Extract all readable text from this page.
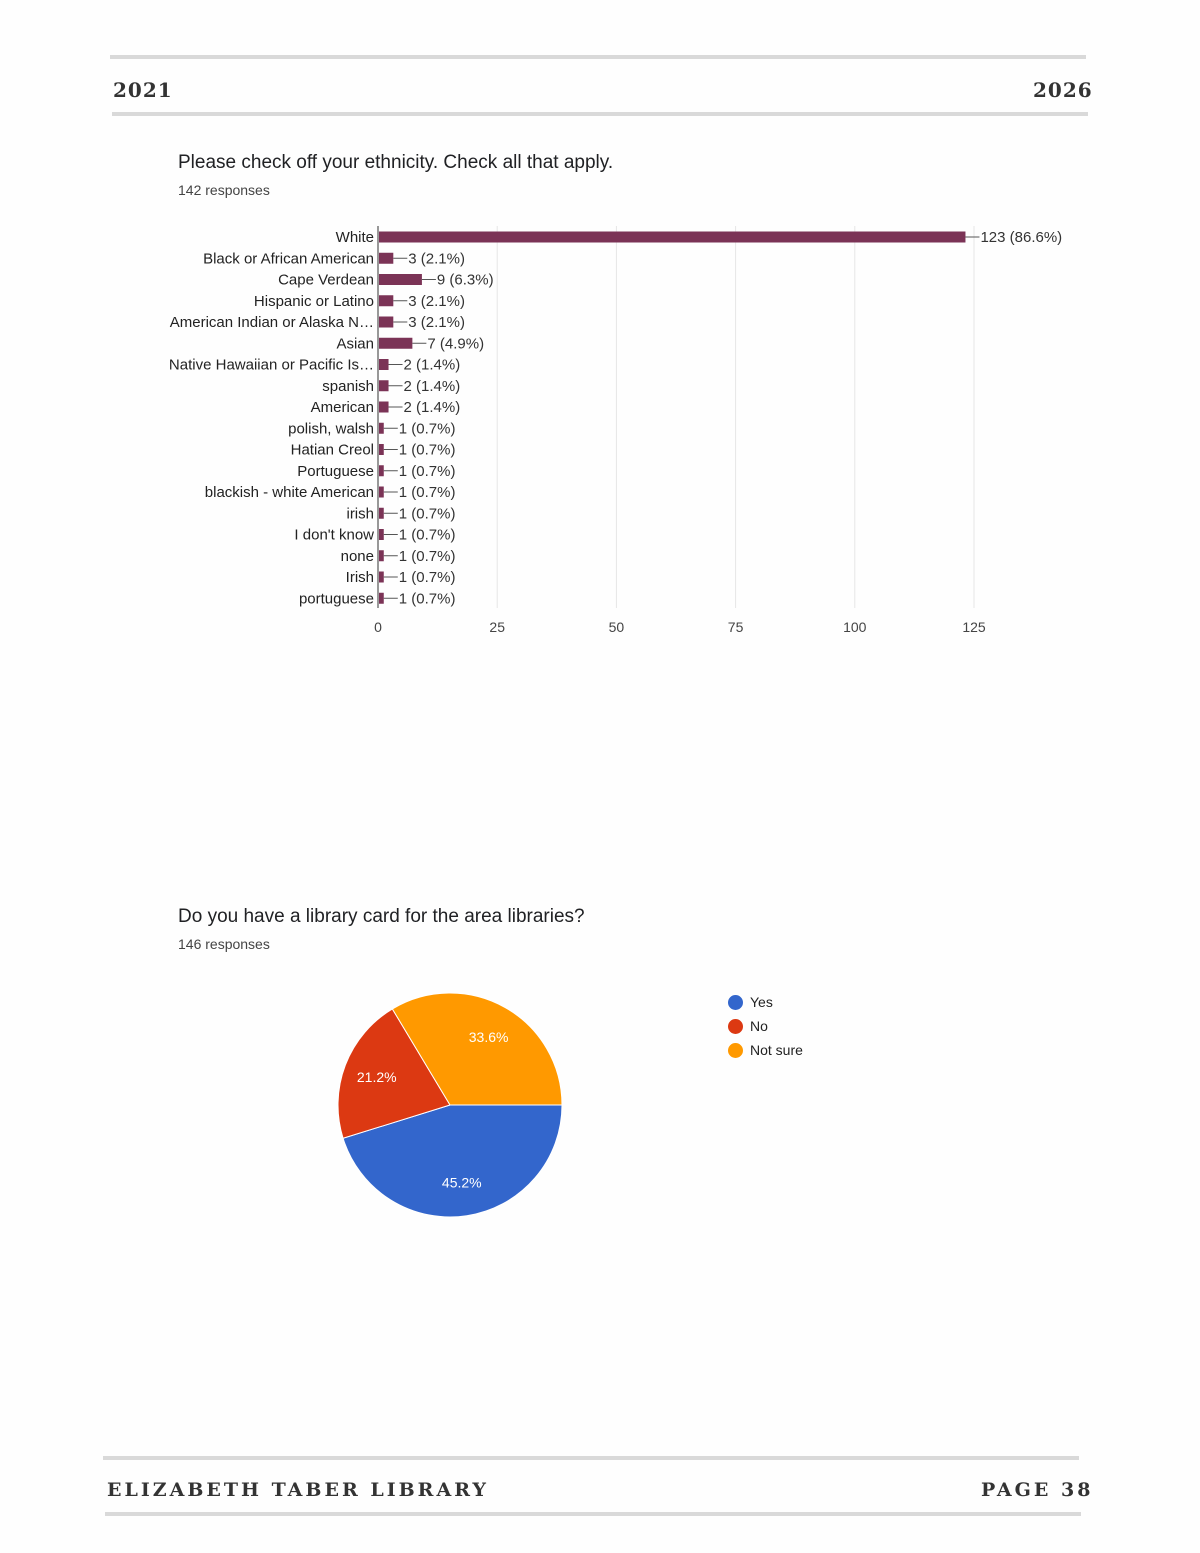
2021	2026
Please check off your ethnicity. Check all that apply.
142 responses
0	25	50	75	100	125
White	123 (86.6%)
Black or African American 3 (2.1%)
Cape Verdean	9 (6.3%)
Hispanic or Latino 3 (2.1%)
American Indian or Alaska N… 3 (2.1%)
Asian	7 (4.9%)
Native Hawaiian or Pacific Is… 2 (1.4%)
spanish 2 (1.4%)
American 2 (1.4%)
polish, walsh 1 (0.7%)
Hatian Creol 1 (0.7%)
Portuguese 1 (0.7%)
blackish - white American 1 (0.7%)
irish 1 (0.7%)
I don't know 1 (0.7%)
none 1 (0.7%)
Irish 1 (0.7%)
portuguese 1 (0.7%)
Do you have a library card for the area libraries?
146 responses
45.2%
21.2%
33.6%
Yes
No
Not sure
ELIZABETH TABER LIBRARY	PAGE 38
